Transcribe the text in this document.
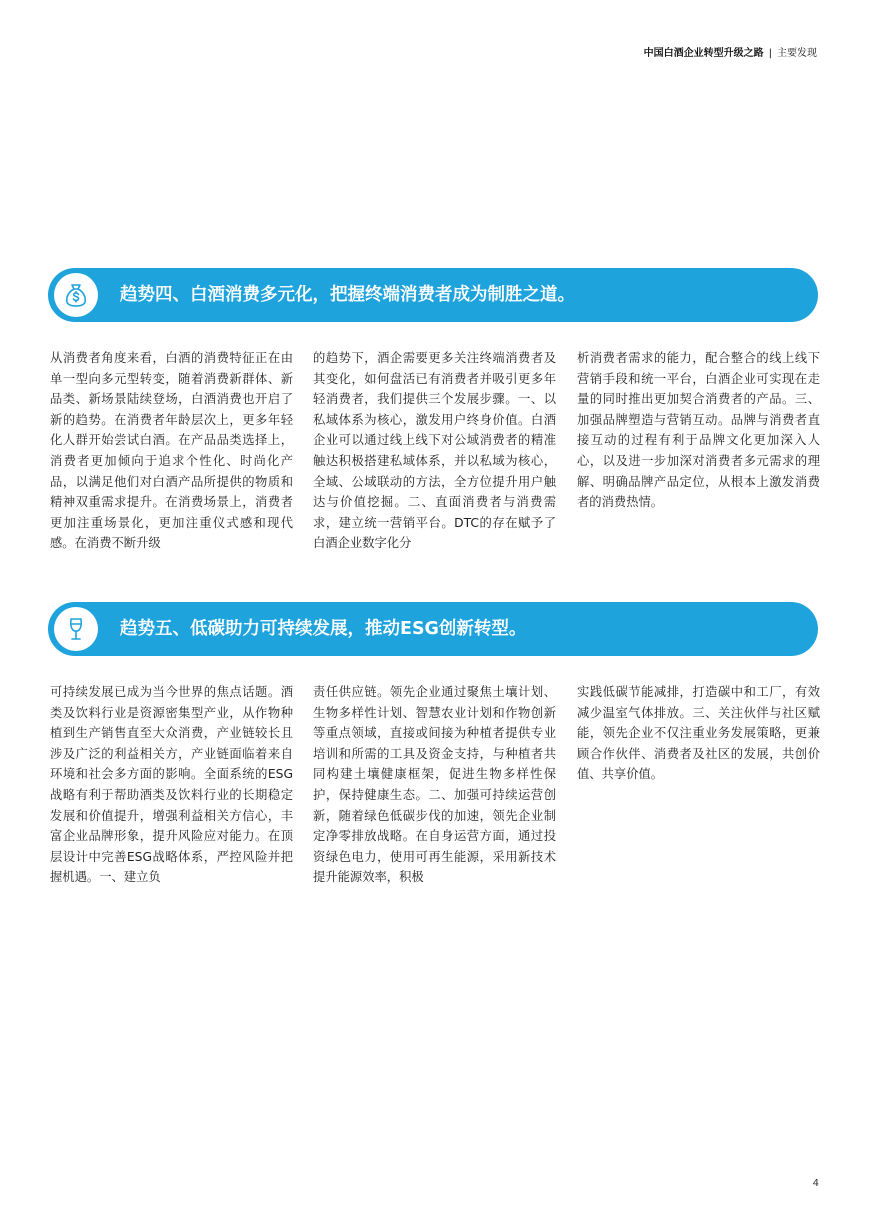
中国白酒企业转型升级之路 | 主要发现
趋势四、白酒消费多元化，把握终端消费者成为制胜之道。

从消费者角度来看，白酒的消费特征正在由单一型向多元型转变，随着消费新群体、新品类、新场景陆续登场，白酒消费也开启了新的趋势。在消费者年龄层次上，更多年轻化人群开始尝试白酒。在产品品类选择上，消费者更加倾向于追求个性化、时尚化产品，以满足他们对白酒产品所提供的物质和精神双重需求提升。在消费场景上，消费者更加注重场景化，更加注重仪式感和现代感。在消费不断升级

的趋势下，酒企需要更多关注终端消费者及其变化，如何盘活已有消费者并吸引更多年轻消费者，我们提供三个发展步骤。一、以私域体系为核心，激发用户终身价值。白酒企业可以通过线上线下对公域消费者的精准触达积极搭建私域体系，并以私域为核心，全域、公域联动的方法，全方位提升用户触达与价值挖掘。二、直面消费者与消费需求，建立统一营销平台。DTC的存在赋予了白酒企业数字化分

析消费者需求的能力，配合整合的线上线下营销手段和统一平台，白酒企业可实现在走量的同时推出更加契合消费者的产品。三、加强品牌塑造与营销互动。品牌与消费者直接互动的过程有利于品牌文化更加深入人心，以及进一步加深对消费者多元需求的理解、明确品牌产品定位，从根本上激发消费者的消费热情。

趋势五、低碳助力可持续发展，推动ESG创新转型。

可持续发展已成为当今世界的焦点话题。酒类及饮料行业是资源密集型产业，从作物种植到生产销售直至大众消费，产业链较长且涉及广泛的利益相关方，产业链面临着来自环境和社会多方面的影响。全面系统的ESG战略有利于帮助酒类及饮料行业的长期稳定发展和价值提升，增强利益相关方信心，丰富企业品牌形象，提升风险应对能力。在顶层设计中完善ESG战略体系，严控风险并把握机遇。一、建立负

责任供应链。领先企业通过聚焦土壤计划、生物多样性计划、智慧农业计划和作物创新等重点领域，直接或间接为种植者提供专业培训和所需的工具及资金支持，与种植者共同构建土壤健康框架，促进生物多样性保护，保持健康生态。二、加强可持续运营创新，随着绿色低碳步伐的加速，领先企业制定净零排放战略。在自身运营方面，通过投资绿色电力，使用可再生能源，采用新技术提升能源效率，积极

实践低碳节能减排，打造碳中和工厂，有效减少温室气体排放。三、关注伙伴与社区赋能，领先企业不仅注重业务发展策略，更兼顾合作伙伴、消费者及社区的发展，共创价值、共享价值。

4
